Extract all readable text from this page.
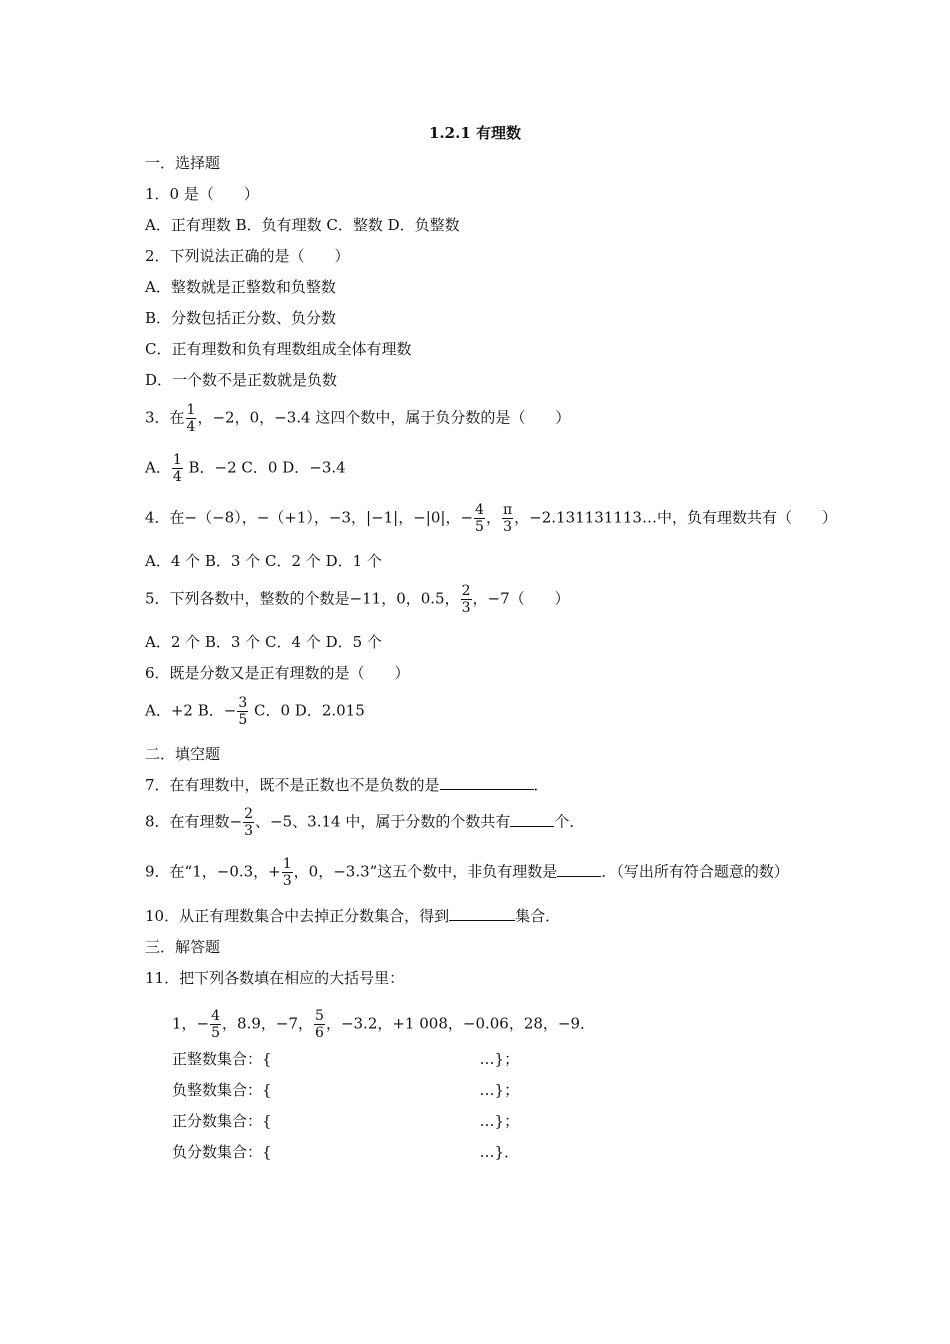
1.2.1 有理数
一．选择题
1．0 是（　　）
A．正有理数 B．负有理数 C．整数 D．负整数
2．下列说法正确的是（　　）
A．整数就是正整数和负整数
B．分数包括正分数、负分数
C．正有理数和负有理数组成全体有理数
D．一个数不是正数就是负数
3．在 $\frac{1}{4}$ ，−2，0，−3.4 这四个数中，属于负分数的是（　　）
A． $\frac{1}{4}$ B．−2 C．0 D．−3.4
4．在−（−8），−（+1），−3，|−1|，−|0|，− $\frac{4}{5}$ ， $\frac{\pi}{3}$ ，−2.131131113…中，负有理数共有（　　）
A．4 个 B．3 个 C．2 个 D．1 个
5．下列各数中，整数的个数是−11，0，0.5， $\frac{2}{3}$ ，−7（　　）
A．2 个 B．3 个 C．4 个 D．5 个
6．既是分数又是正有理数的是（　　）
A．+2 B．− $\frac{3}{5}$ C．0 D．2.015
二．填空题
7．在有理数中，既不是正数也不是负数的是	．
8．在有理数− $\frac{2}{3}$ 、−5、3.14 中，属于分数的个数共有	个．
9．在“1，−0.3，+ $\frac{1}{3}$ ，0，−3.3”这五个数中，非负有理数是	．（写出所有符合题意的数）
10．从正有理数集合中去掉正分数集合，得到	集合．
三．解答题
11．把下列各数填在相应的大括号里：
1，− $\frac{4}{5}$ ，8.9，−7， $\frac{5}{6}$ ，−3.2，+1 008，−0.06，28，−9．
正整数集合：{	…}；
负整数集合：{	…}；
正分数集合：{	…}；
负分数集合：{	…}．
